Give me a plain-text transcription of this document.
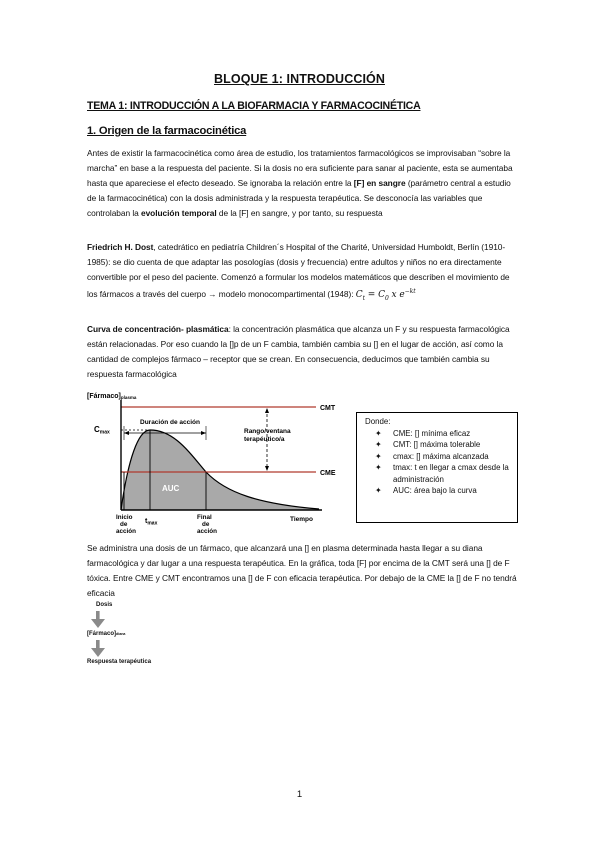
BLOQUE 1: INTRODUCCIÓN
TEMA 1: INTRODUCCIÓN A LA BIOFARMACIA Y FARMACOCINÉTICA
1. Origen de la farmacocinética

Antes de existir la farmacocinética como área de estudio, los tratamientos farmacológicos se improvisaban “sobre la marcha” en base a la respuesta del paciente. Si la dosis no era suficiente para sanar al paciente, esta se aumentaba hasta que apareciese el efecto deseado. Se ignoraba la relación entre la [F] en sangre (parámetro central a estudio de la farmacocinética) con la dosis administrada y la respuesta terapéutica. Se desconocía las variables que controlaban la evolución temporal de la [F] en sangre, y por tanto, su respuesta

Friedrich H. Dost, catedrático en pediatría Children´s Hospital of the Charité, Universidad Humboldt, Berlín (1910- 1985): se dio cuenta de que adaptar las posologías (dosis y frecuencia) entre adultos y niños no era directamente convertible por el peso del paciente. Comenzó a formular los modelos matemáticos que describen el movimiento de los fármacos a través del cuerpo → modelo monocompartimental (1948): $C_t = C_0$ x $e^{-kt}$

Curva de concentración- plasmática: la concentración plasmática que alcanza un F y su respuesta farmacológica están relacionadas. Por eso cuando la []p de un F cambia, también cambia su [] en el lugar de acción, así como la cantidad de complejos fármaco – receptor que se crean. En consecuencia, deducimos que también cambia su respuesta farmacológica

[Fármaco]plasma
Cmax
CMT
CME
Duración de acción
Rango/ventana
terapéutico/a
AUC
Inicio
de
acción
$t_{max}$
Final
de
acción
Tiempo
Donde:
✦ CME: [] mínima eficaz
✦ CMT: [] máxima tolerable
✦ cmax: [] máxima alcanzada
✦ tmax: t en llegar a cmax desde la administración
✦ AUC: área bajo la curva

Se administra una dosis de un fármaco, que alcanzará una [] en plasma determinada hasta llegar a su diana farmacológica y dar lugar a una respuesta terapéutica. En la gráfica, toda [F] por encima de la CMT será una [] de F tóxica. Entre CME y CMT encontramos una [] de F con eficacia terapéutica. Por debajo de la CME la [] de F no tendrá eficacia

Dosis
[Fármaco]diana
Respuesta terapéutica
1
